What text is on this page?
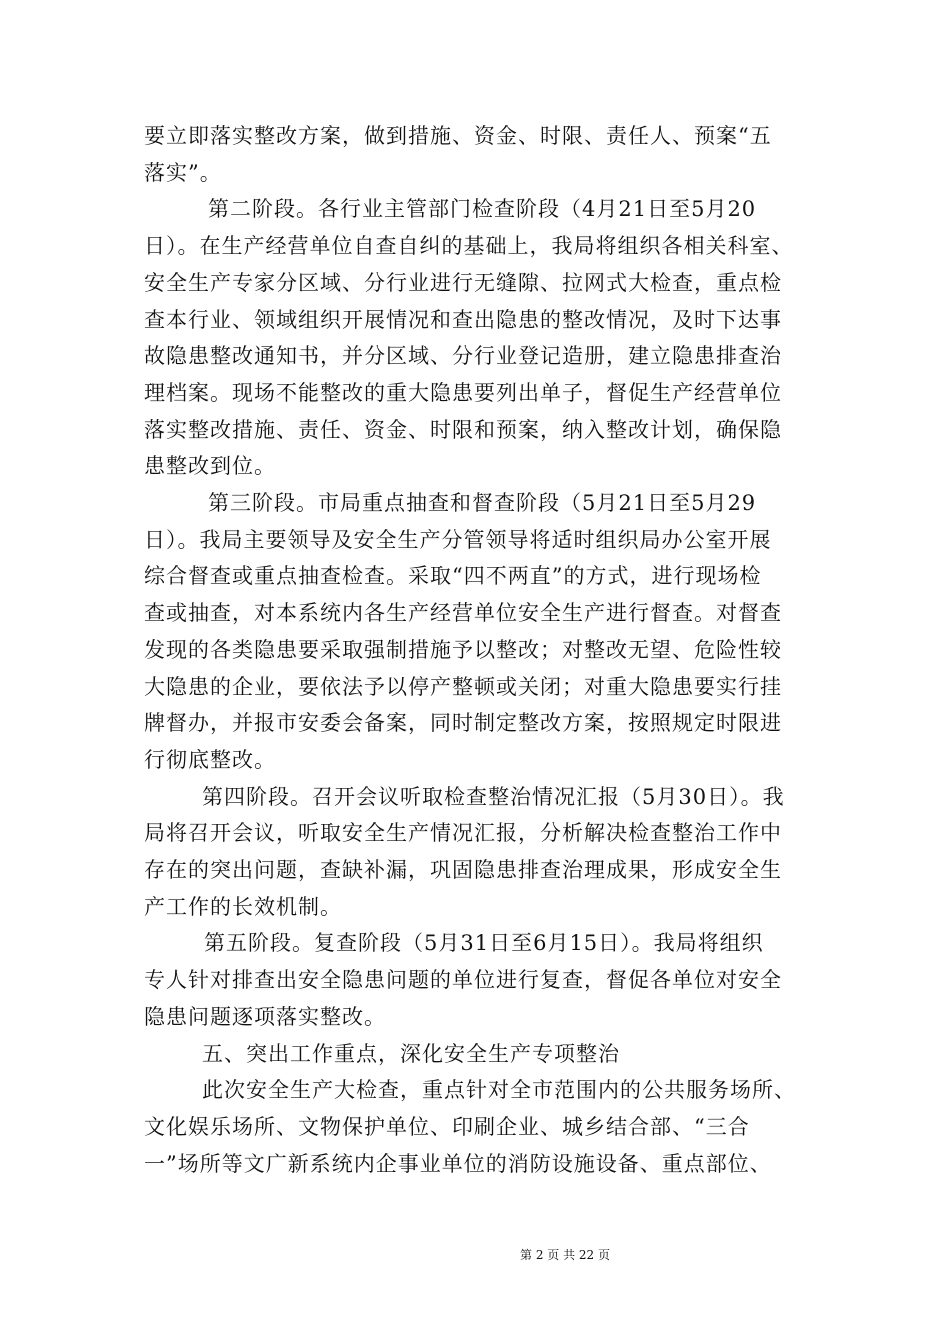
要立即落实整改方案，做到措施、资金、时限、责任人、预案“五
落实”。
第二阶段。各行业主管部门检查阶段（4月21日至5月20
日）。在生产经营单位自查自纠的基础上，我局将组织各相关科室、
安全生产专家分区域、分行业进行无缝隙、拉网式大检查，重点检
查本行业、领域组织开展情况和查出隐患的整改情况，及时下达事
故隐患整改通知书，并分区域、分行业登记造册，建立隐患排查治
理档案。现场不能整改的重大隐患要列出单子，督促生产经营单位
落实整改措施、责任、资金、时限和预案，纳入整改计划，确保隐
患整改到位。
第三阶段。市局重点抽查和督查阶段（5月21日至5月29
日）。我局主要领导及安全生产分管领导将适时组织局办公室开展
综合督查或重点抽查检查。采取“四不两直”的方式，进行现场检
查或抽查，对本系统内各生产经营单位安全生产进行督查。对督查
发现的各类隐患要采取强制措施予以整改；对整改无望、危险性较
大隐患的企业，要依法予以停产整顿或关闭；对重大隐患要实行挂
牌督办，并报市安委会备案，同时制定整改方案，按照规定时限进
行彻底整改。
第四阶段。召开会议听取检查整治情况汇报（5月30日）。我
局将召开会议，听取安全生产情况汇报，分析解决检查整治工作中
存在的突出问题，查缺补漏，巩固隐患排查治理成果，形成安全生
产工作的长效机制。
第五阶段。复查阶段（5月31日至6月15日）。我局将组织
专人针对排查出安全隐患问题的单位进行复查，督促各单位对安全
隐患问题逐项落实整改。
五、突出工作重点，深化安全生产专项整治
此次安全生产大检查，重点针对全市范围内的公共服务场所、
文化娱乐场所、文物保护单位、印刷企业、城乡结合部、“三合
一”场所等文广新系统内企事业单位的消防设施设备、重点部位、
第 2 页 共 22 页
